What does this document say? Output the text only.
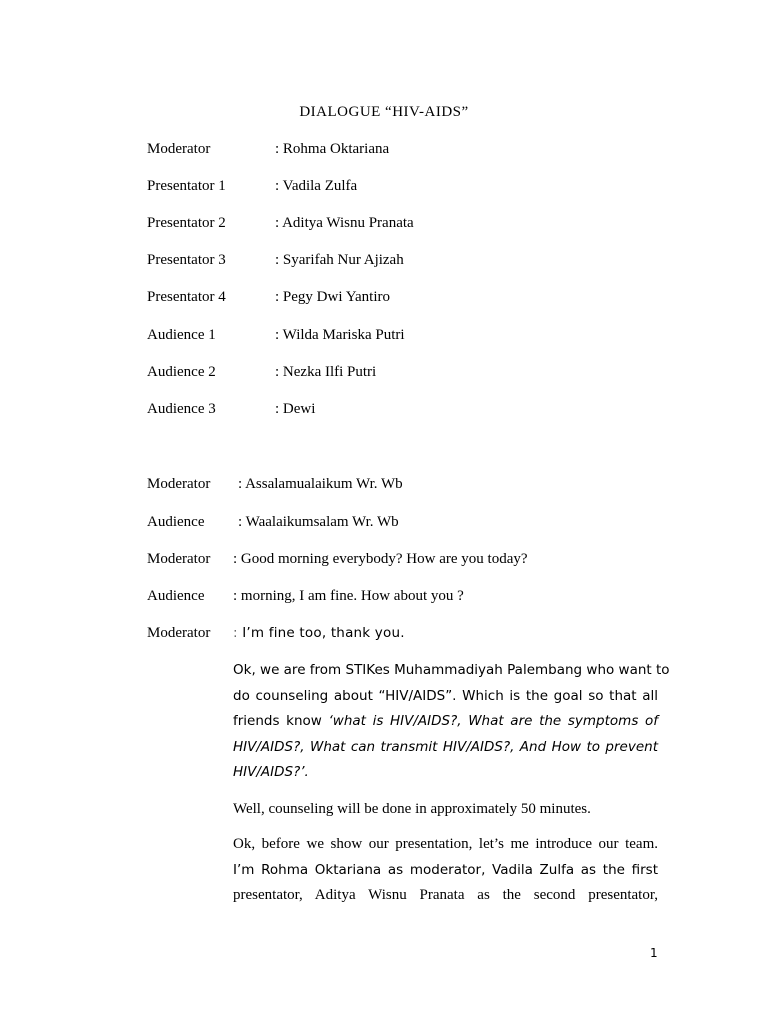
DIALOGUE “HIV-AIDS”
Moderator	: Rohma Oktariana
Presentator 1	: Vadila Zulfa
Presentator 2	: Aditya Wisnu Pranata
Presentator 3	: Syarifah Nur Ajizah
Presentator 4	: Pegy Dwi Yantiro
Audience 1	: Wilda Mariska Putri
Audience 2	: Nezka Ilfi Putri
Audience 3	: Dewi
Moderator : Assalamualaikum Wr. Wb
Audience : Waalaikumsalam Wr. Wb
Moderator : Good morning everybody? How are you today?
Audience : morning, I am fine. How about you ?
Moderator : I’m fine too, thank you.
Ok, we are from STIKes Muhammadiyah Palembang who want to
do counseling about “HIV/AIDS”. Which is the goal so that all
friends know ‘what is HIV/AIDS?, What are the symptoms of
HIV/AIDS?, What can transmit HIV/AIDS?, And How to prevent
HIV/AIDS?’.
Well, counseling will be done in approximately 50 minutes.
Ok, before we show our presentation, let’s me introduce our team.
I’m Rohma Oktariana as moderator, Vadila Zulfa as the first
presentator, Aditya Wisnu Pranata as the second presentator,
1
